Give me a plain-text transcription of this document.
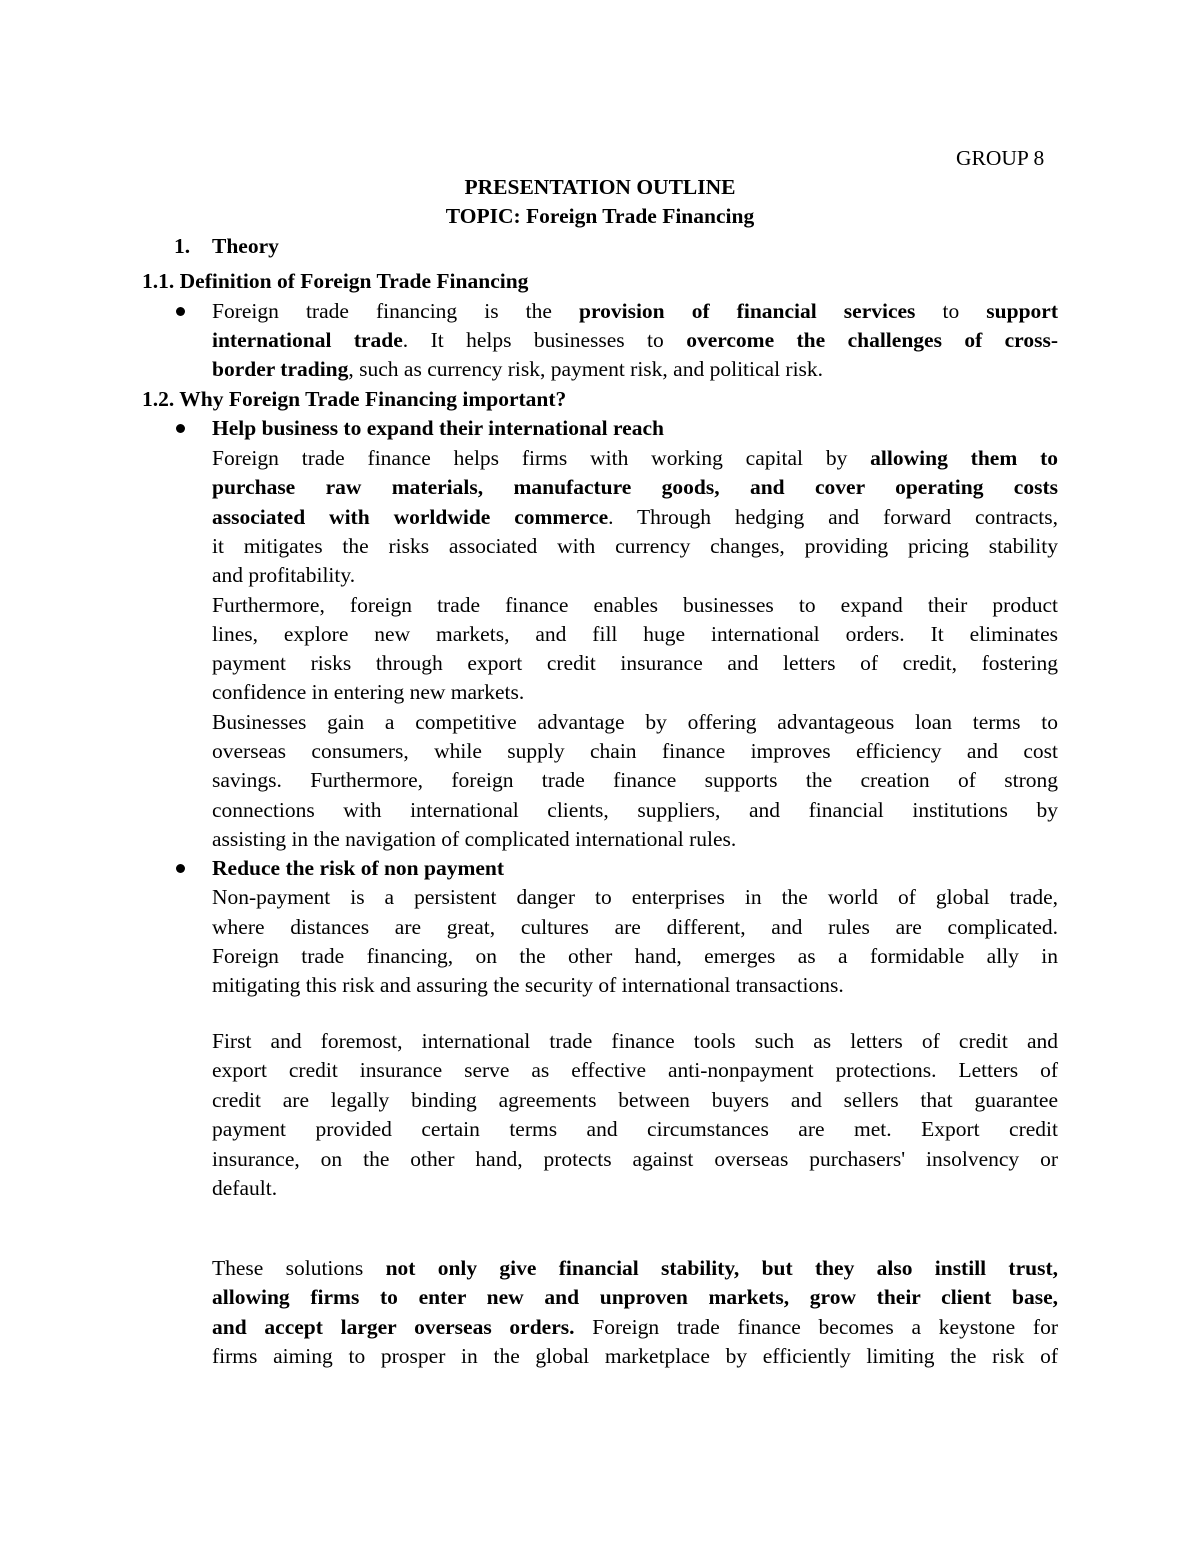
GROUP 8
PRESENTATION OUTLINE
TOPIC: Foreign Trade Financing
1. Theory
1.1. Definition of Foreign Trade Financing
Foreign trade financing is the provision of financial services to support
international trade. It helps businesses to overcome the challenges of cross-
border trading, such as currency risk, payment risk, and political risk.
1.2. Why Foreign Trade Financing important?
Help business to expand their international reach
Foreign trade finance helps firms with working capital by allowing them to
purchase raw materials, manufacture goods, and cover operating costs
associated with worldwide commerce. Through hedging and forward contracts,
it mitigates the risks associated with currency changes, providing pricing stability
and profitability.
Furthermore, foreign trade finance enables businesses to expand their product
lines, explore new markets, and fill huge international orders. It eliminates
payment risks through export credit insurance and letters of credit, fostering
confidence in entering new markets.
Businesses gain a competitive advantage by offering advantageous loan terms to
overseas consumers, while supply chain finance improves efficiency and cost
savings. Furthermore, foreign trade finance supports the creation of strong
connections with international clients, suppliers, and financial institutions by
assisting in the navigation of complicated international rules.
Reduce the risk of non payment
Non-payment is a persistent danger to enterprises in the world of global trade,
where distances are great, cultures are different, and rules are complicated.
Foreign trade financing, on the other hand, emerges as a formidable ally in
mitigating this risk and assuring the security of international transactions.
First and foremost, international trade finance tools such as letters of credit and
export credit insurance serve as effective anti-nonpayment protections. Letters of
credit are legally binding agreements between buyers and sellers that guarantee
payment provided certain terms and circumstances are met. Export credit
insurance, on the other hand, protects against overseas purchasers' insolvency or
default.
These solutions not only give financial stability, but they also instill trust,
allowing firms to enter new and unproven markets, grow their client base,
and accept larger overseas orders. Foreign trade finance becomes a keystone for
firms aiming to prosper in the global marketplace by efficiently limiting the risk of
